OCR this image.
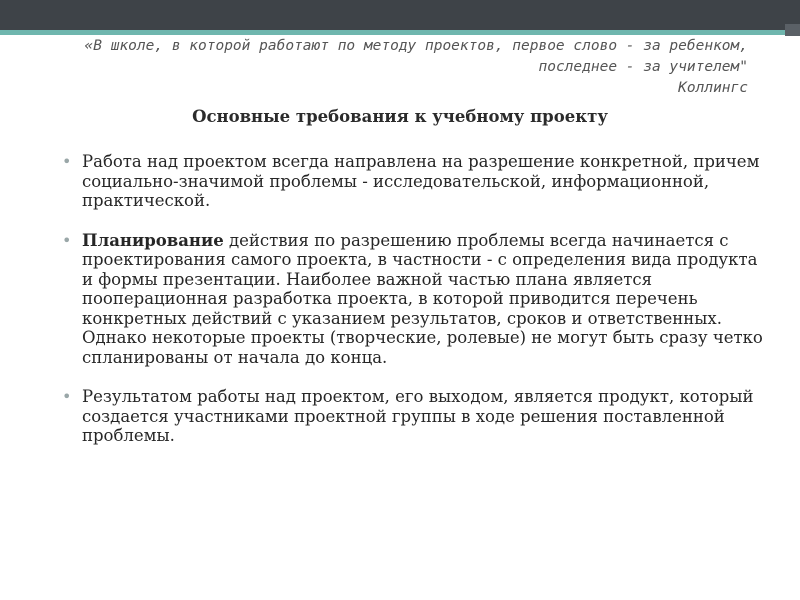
«В школе, в которой работают по методу проектов, первое слово - за ребенком, последнее - за учителем"
Коллингс
Основные требования к учебному проекту
• Работа над проектом всегда направлена на разрешение конкретной, причем социально-значимой проблемы - исследовательской, информационной, практической.
• Планирование действия по разрешению проблемы всегда начинается с проектирования самого проекта, в частности - с определения вида продукта и формы презентации. Наиболее важной частью плана является пооперационная разработка проекта, в которой приводится перечень конкретных действий с указанием результатов, сроков и ответственных. Однако некоторые проекты (творческие, ролевые) не могут быть сразу четко спланированы от начала до конца.
• Результатом работы над проектом, его выходом, является продукт, который создается участниками проектной группы в ходе решения поставленной проблемы.
